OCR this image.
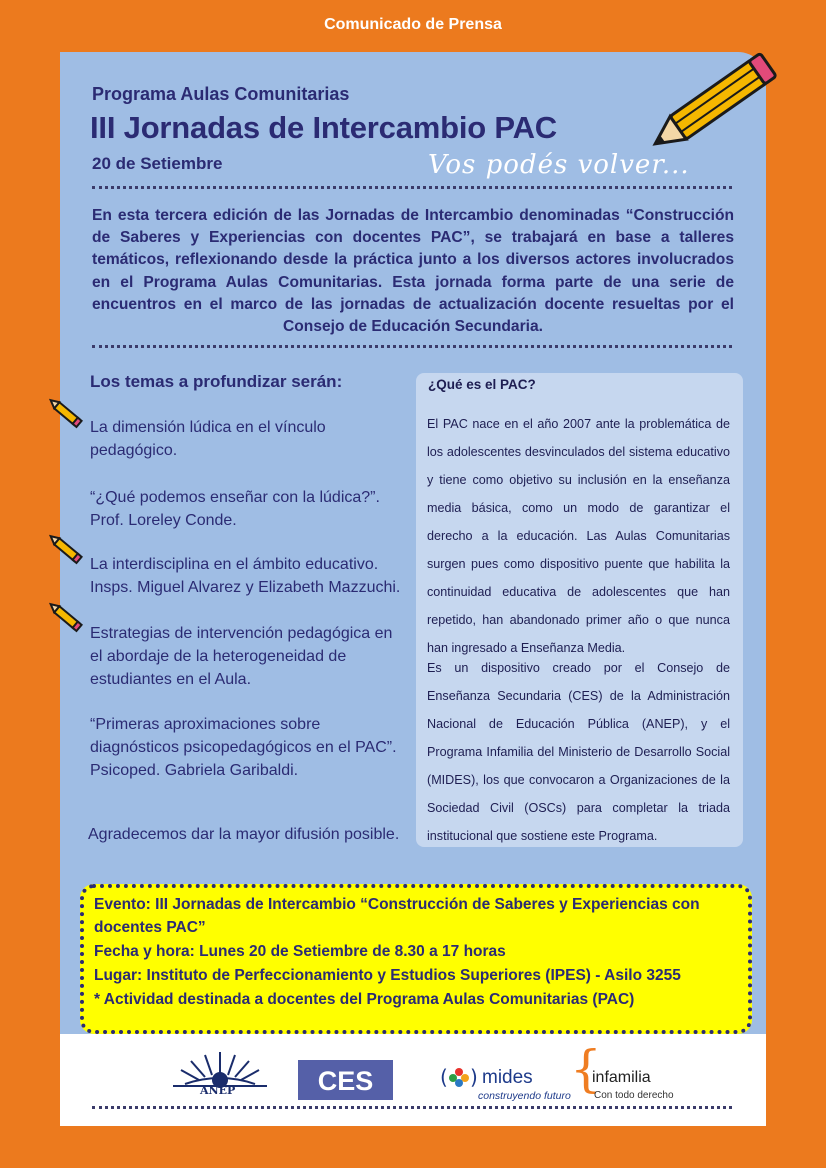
Comunicado de Prensa
Programa Aulas Comunitarias
III Jornadas de Intercambio PAC
20 de Setiembre	Vos podés volver...
En esta tercera edición de las Jornadas de Intercambio denominadas “Construcción de Saberes y Experiencias con docentes PAC”, se trabajará en base a talleres temáticos, reflexionando desde la práctica junto a los diversos actores involucrados en el Programa Aulas Comunitarias. Esta jornada forma parte de una serie de encuentros en el marco de las jornadas de actualización docente resueltas por el Consejo de Educación Secundaria.
Los temas a profundizar serán:
La dimensión lúdica en el vínculo
pedagógico.
“¿Qué podemos enseñar con la lúdica?”.
Prof. Loreley Conde.
La interdisciplina en el ámbito educativo.
Insps. Miguel Alvarez y Elizabeth Mazzuchi.
Estrategias de intervención pedagógica en
el abordaje de la heterogeneidad de
estudiantes en el Aula.
“Primeras aproximaciones sobre
diagnósticos psicopedagógicos en el PAC”.
Psicoped. Gabriela Garibaldi.
Agradecemos dar la mayor difusión posible.
¿Qué es el PAC?
El PAC nace en el año 2007 ante la problemática de los adolescentes desvinculados del sistema educativo y tiene como objetivo su inclusión en la enseñanza media básica, como un modo de garantizar el derecho a la educación. Las Aulas Comunitarias surgen pues como dispositivo puente que habilita la continuidad educativa de adolescentes que han repetido, han abandonado primer año o que nunca han ingresado a Enseñanza Media.
Es un dispositivo creado por el Consejo de Enseñanza Secundaria (CES) de la Administración Nacional de Educación Pública (ANEP), y el Programa Infamilia del Ministerio de Desarrollo Social (MIDES), los que convocaron a Organizaciones de la Sociedad Civil (OSCs) para completar la triada institucional que sostiene este Programa.
Evento: III Jornadas de Intercambio “Construcción de Saberes y Experiencias con
docentes PAC”
Fecha y hora: Lunes 20 de Setiembre de 8.30 a 17 horas
Lugar: Instituto de Perfeccionamiento y Estudios Superiores (IPES) - Asilo 3255
* Actividad destinada a docentes del Programa Aulas Comunitarias (PAC)
ANEP	CES	( ) mides
construyendo futuro {
infamilia
Con todo derecho
